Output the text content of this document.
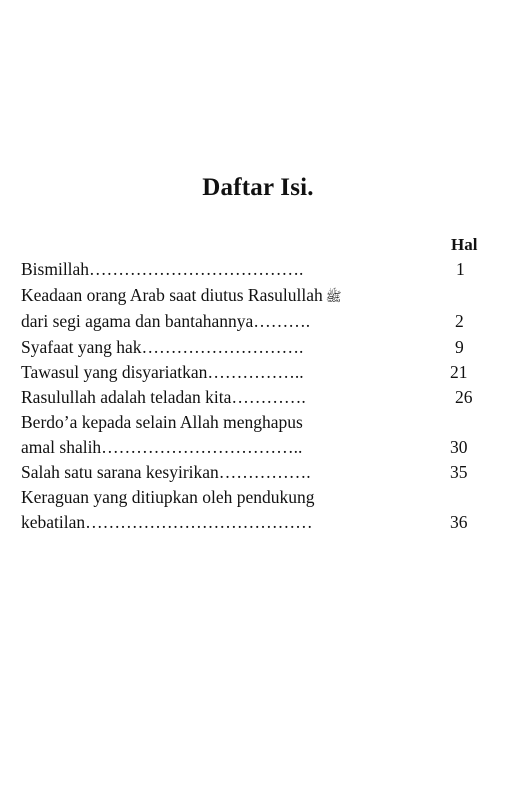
Daftar Isi.
Hal
Bismillah……………………………….	1
Keadaan orang Arab saat diutus Rasulullah ﷺ
dari segi agama dan bantahannya……….	2
Syafaat yang hak……………………….	9
Tawasul yang disyariatkan……………..	21
Rasulullah adalah teladan kita………….	26
Berdo’a kepada selain Allah menghapus
amal shalih……………………………..	30
Salah satu sarana kesyirikan…………….	35
Keraguan yang ditiupkan oleh pendukung
kebatilan…………………………………	36
